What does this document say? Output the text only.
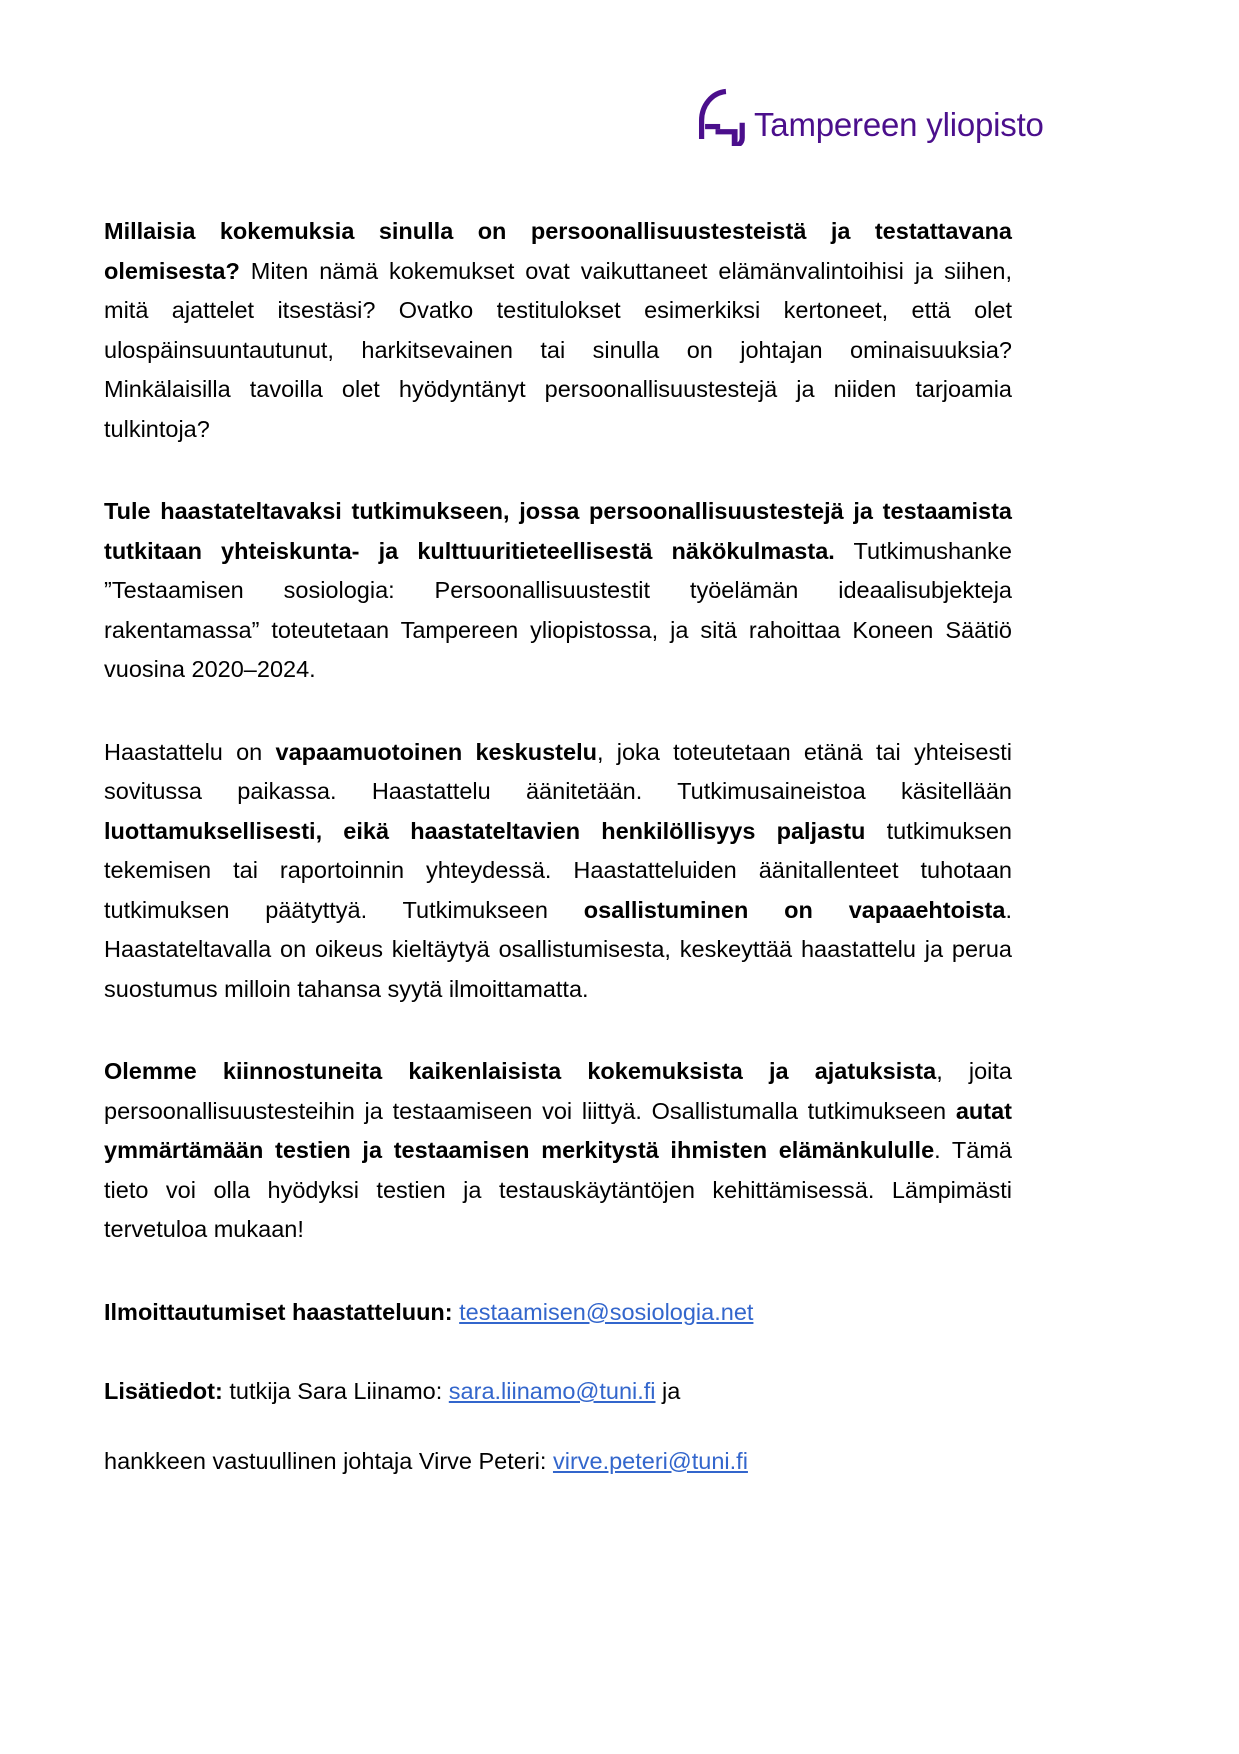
Tampereen yliopisto

Millaisia kokemuksia sinulla on persoonallisuustesteistä ja testattavana olemisesta? Miten nämä kokemukset ovat vaikuttaneet elämänvalintoihisi ja siihen, mitä ajattelet itsestäsi? Ovatko testitulokset esimerkiksi kertoneet, että olet ulospäinsuuntautunut, harkitsevainen tai sinulla on johtajan ominaisuuksia? Minkälaisilla tavoilla olet hyödyntänyt persoonallisuustestejä ja niiden tarjoamia tulkintoja?

Tule haastateltavaksi tutkimukseen, jossa persoonallisuustestejä ja testaamista tutkitaan yhteiskunta- ja kulttuuritieteellisestä näkökulmasta. Tutkimushanke ”Testaamisen sosiologia: Persoonallisuustestit työelämän ideaalisubjekteja rakentamassa” toteutetaan Tampereen yliopistossa, ja sitä rahoittaa Koneen Säätiö vuosina 2020–2024.

Haastattelu on vapaamuotoinen keskustelu, joka toteutetaan etänä tai yhteisesti sovitussa paikassa. Haastattelu äänitetään. Tutkimusaineistoa käsitellään luottamuksellisesti, eikä haastateltavien henkilöllisyys paljastu tutkimuksen tekemisen tai raportoinnin yhteydessä. Haastatteluiden äänitallenteet tuhotaan tutkimuksen päätyttyä. Tutkimukseen osallistuminen on vapaaehtoista. Haastateltavalla on oikeus kieltäytyä osallistumisesta, keskeyttää haastattelu ja perua suostumus milloin tahansa syytä ilmoittamatta.

Olemme kiinnostuneita kaikenlaisista kokemuksista ja ajatuksista, joita persoonallisuustesteihin ja testaamiseen voi liittyä. Osallistumalla tutkimukseen autat ymmärtämään testien ja testaamisen merkitystä ihmisten elämänkululle. Tämä tieto voi olla hyödyksi testien ja testauskäytäntöjen kehittämisessä. Lämpimästi tervetuloa mukaan!

Ilmoittautumiset haastatteluun: testaamisen@sosiologia.net

Lisätiedot: tutkija Sara Liinamo: sara.liinamo@tuni.fi ja

hankkeen vastuullinen johtaja Virve Peteri: virve.peteri@tuni.fi
